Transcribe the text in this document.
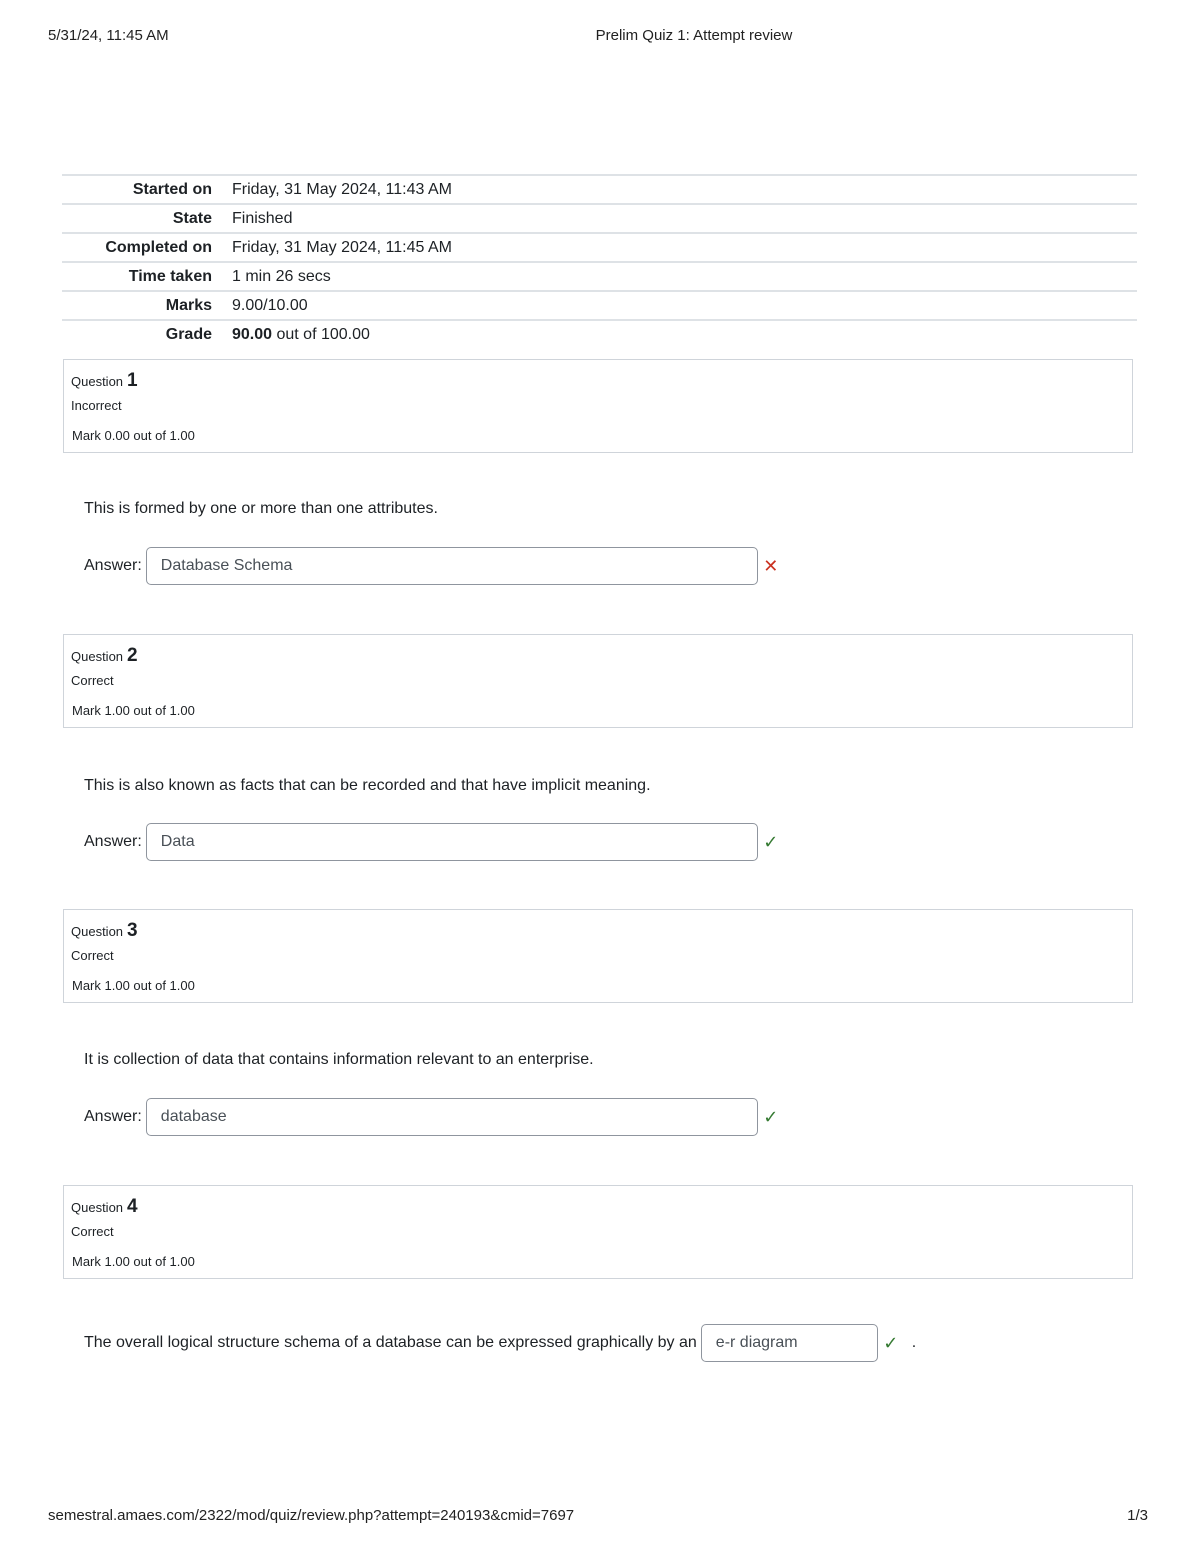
5/31/24, 11:45 AM	Prelim Quiz 1: Attempt review
Started on	Friday, 31 May 2024, 11:43 AM
State	Finished
Completed on	Friday, 31 May 2024, 11:45 AM
Time taken	1 min 26 secs
Marks	9.00/10.00
Grade	90.00 out of 100.00
Question 1
Incorrect
Mark 0.00 out of 1.00
This is formed by one or more than one attributes.
Answer:	Database Schema	✕
Question 2
Correct
Mark 1.00 out of 1.00
This is also known as facts that can be recorded and that have implicit meaning.
Answer:	Data	✓
Question 3
Correct
Mark 1.00 out of 1.00
It is collection of data that contains information relevant to an enterprise.
Answer:	database	✓
Question 4
Correct
Mark 1.00 out of 1.00
The overall logical structure schema of a database can be expressed graphically by an	e-r diagram	✓ .
semestral.amaes.com/2322/mod/quiz/review.php?attempt=240193&cmid=7697	1/3
